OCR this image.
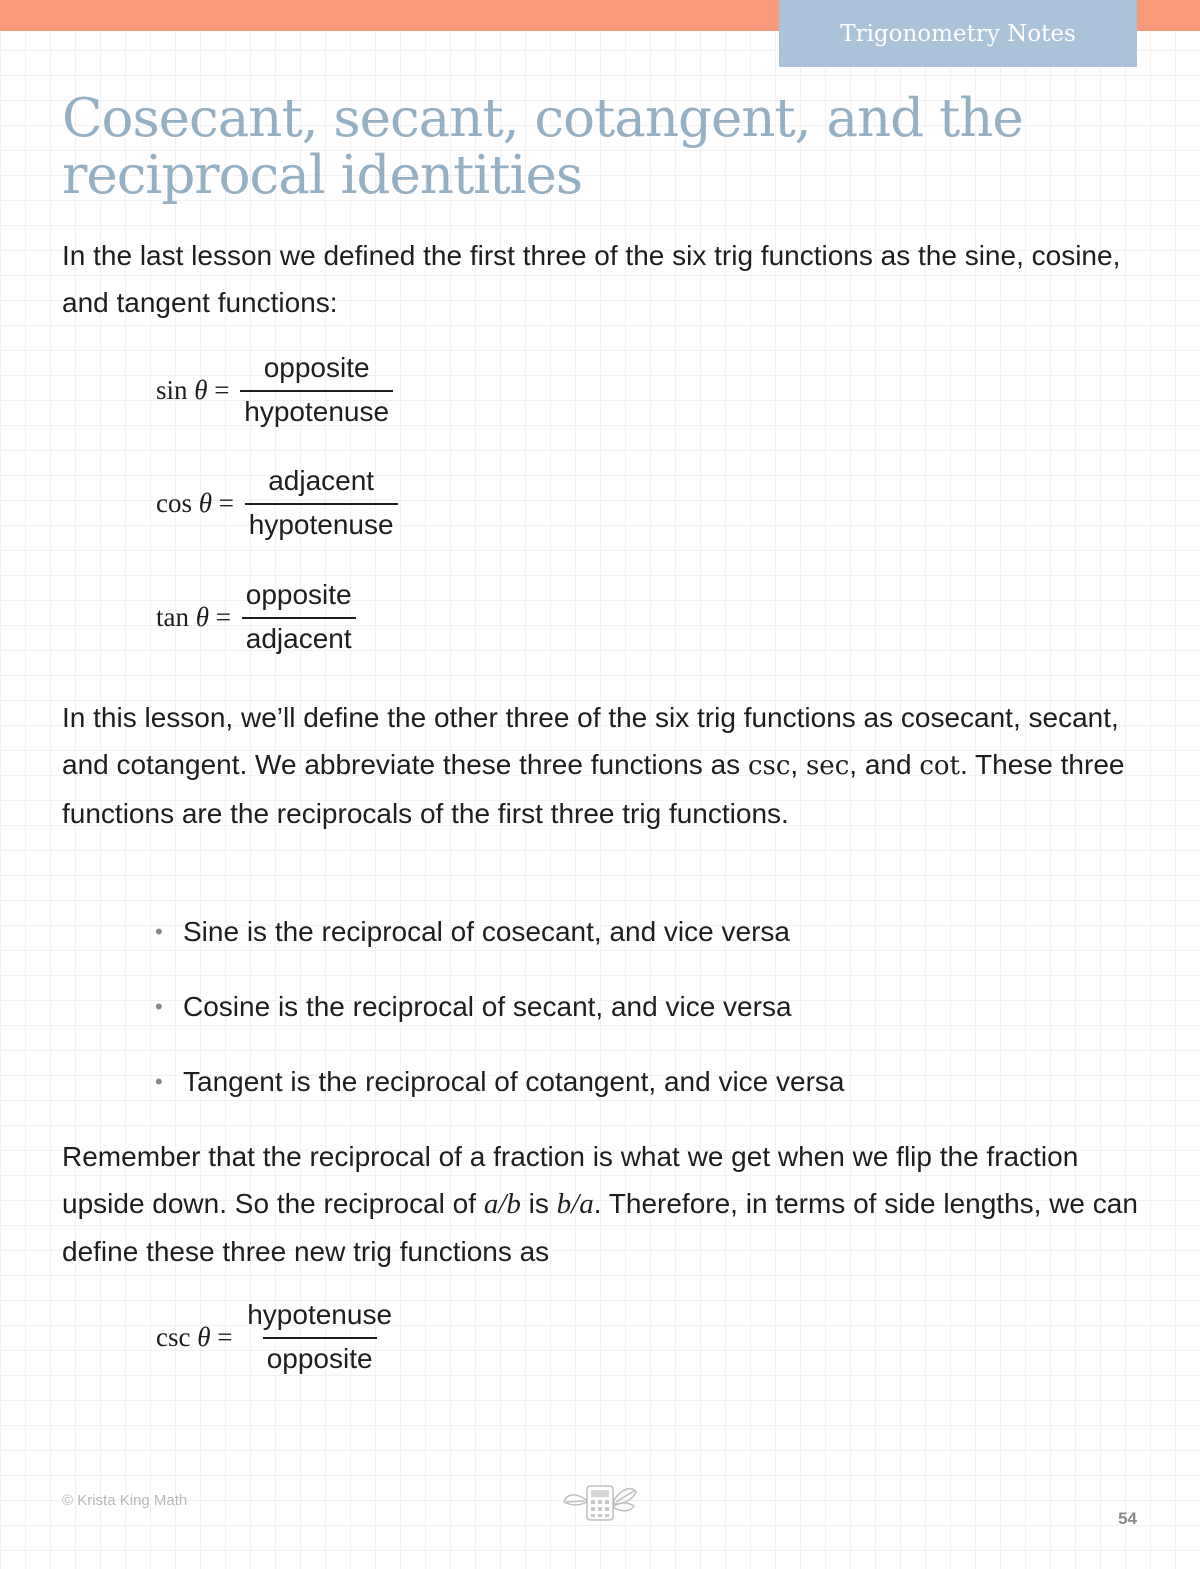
Trigonometry Notes
Cosecant, secant, cotangent, and the reciprocal identities

In the last lesson we defined the first three of the six trig functions as the sine, cosine, and tangent functions:

$\sin \theta = \frac{\text{opposite}}{\text{hypotenuse}}$
$\cos \theta = \frac{\text{adjacent}}{\text{hypotenuse}}$
$\tan \theta = \frac{\text{opposite}}{\text{adjacent}}$

In this lesson, we’ll define the other three of the six trig functions as cosecant, secant, and cotangent. We abbreviate these three functions as csc, sec, and cot. These three functions are the reciprocals of the first three trig functions.

• Sine is the reciprocal of cosecant, and vice versa
• Cosine is the reciprocal of secant, and vice versa
• Tangent is the reciprocal of cotangent, and vice versa

Remember that the reciprocal of a fraction is what we get when we flip the fraction upside down. So the reciprocal of a/b is b/a. Therefore, in terms of side lengths, we can define these three new trig functions as

$\csc \theta = \frac{\text{hypotenuse}}{\text{opposite}}$
© Krista King Math
54
